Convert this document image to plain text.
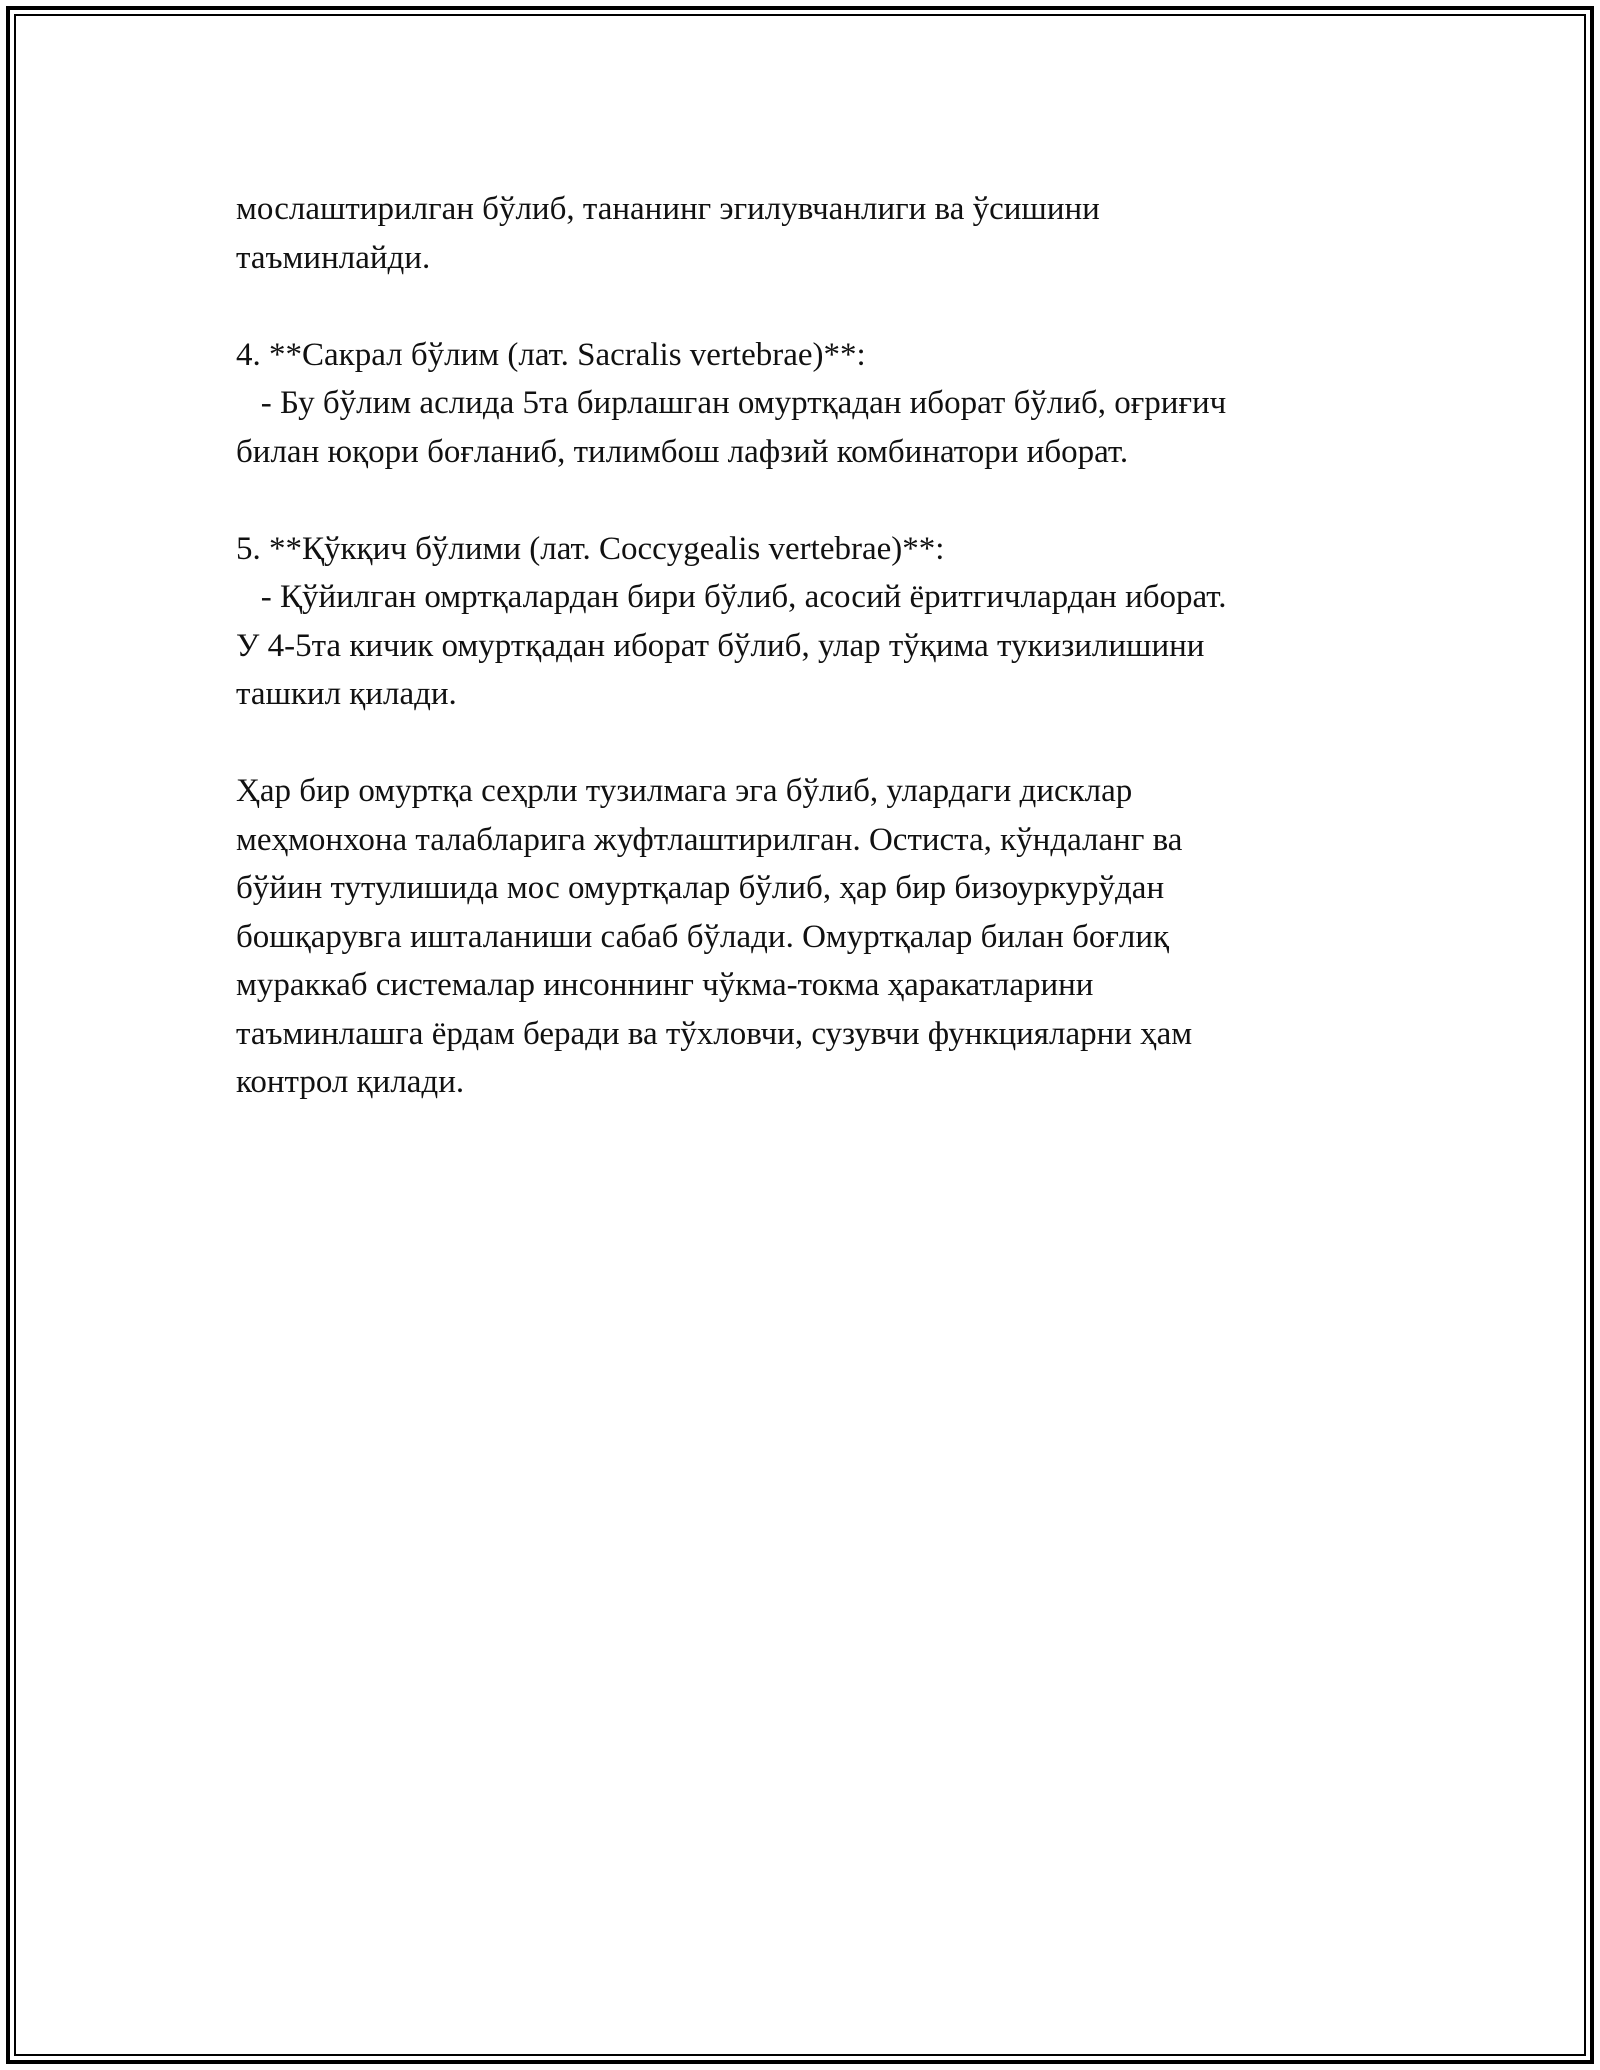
мослаштирилган бўлиб, тананинг эгилувчанлиги ва ўсишини

таъминлайди.

4. **Сакрал бўлим (лат. Sacralis vertebrae)**:

- Бу бўлим аслида 5та бирлашган омуртқадан иборат бўлиб, оғриғич

билан юқори боғланиб, тилимбош лафзий комбинатори иборат.

5. **Қўкқич бўлими (лат. Coccygealis vertebrae)**:

- Қўйилган омртқалардан бири бўлиб, асосий ёритгичлардан иборат.

У 4-5та кичик омуртқадан иборат бўлиб, улар тўқима тукизилишини

ташкил қилади.

Ҳар бир омуртқа сеҳрли тузилмага эга бўлиб, улардаги дисклар

меҳмонхона талабларига жуфтлаштирилган. Остиста, кўндаланг ва

бўйин тутулишида мос омуртқалар бўлиб, ҳар бир бизоуркурўдан

бошқарувга ишталаниши сабаб бўлади. Омуртқалар билан боғлиқ

мураккаб системалар инсоннинг чўкма-токма ҳаракатларини

таъминлашга ёрдам беради ва тўхловчи, сузувчи функцияларни ҳам

контрол қилади.
